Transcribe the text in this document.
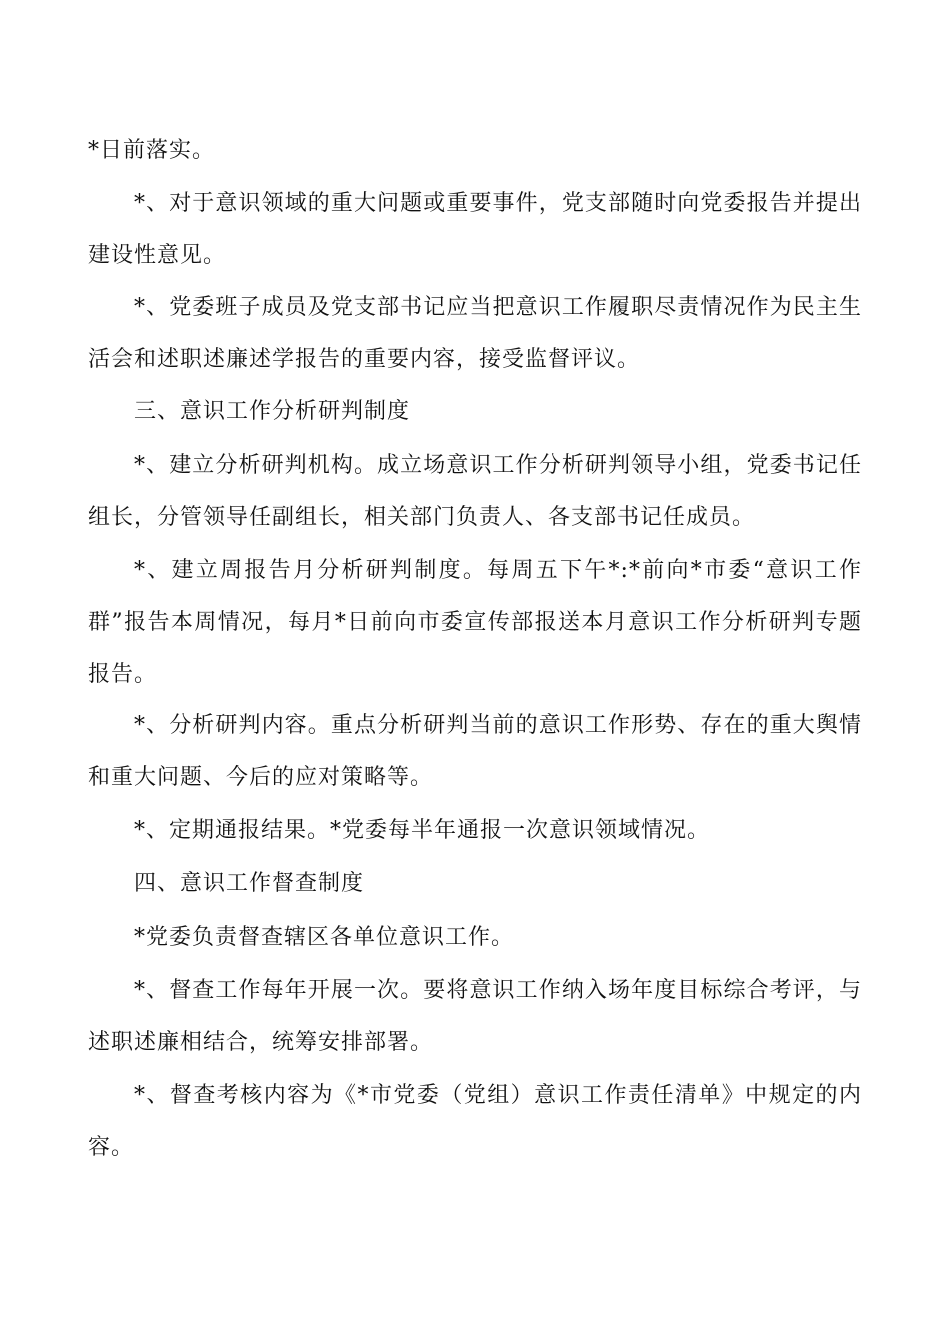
*日前落实。

*、对于意识领域的重大问题或重要事件，党支部随时向党委报告并提出建设性意见。

*、党委班子成员及党支部书记应当把意识工作履职尽责情况作为民主生活会和述职述廉述学报告的重要内容，接受监督评议。

三、意识工作分析研判制度

*、建立分析研判机构。成立场意识工作分析研判领导小组，党委书记任组长，分管领导任副组长，相关部门负责人、各支部书记任成员。

*、建立周报告月分析研判制度。每周五下午*:*前向*市委“意识工作群”报告本周情况，每月*日前向市委宣传部报送本月意识工作分析研判专题报告。

*、分析研判内容。重点分析研判当前的意识工作形势、存在的重大舆情和重大问题、今后的应对策略等。

*、定期通报结果。*党委每半年通报一次意识领域情况。

四、意识工作督查制度

*党委负责督查辖区各单位意识工作。

*、督查工作每年开展一次。要将意识工作纳入场年度目标综合考评，与述职述廉相结合，统筹安排部署。

*、督查考核内容为《*市党委（党组）意识工作责任清单》中规定的内容。
